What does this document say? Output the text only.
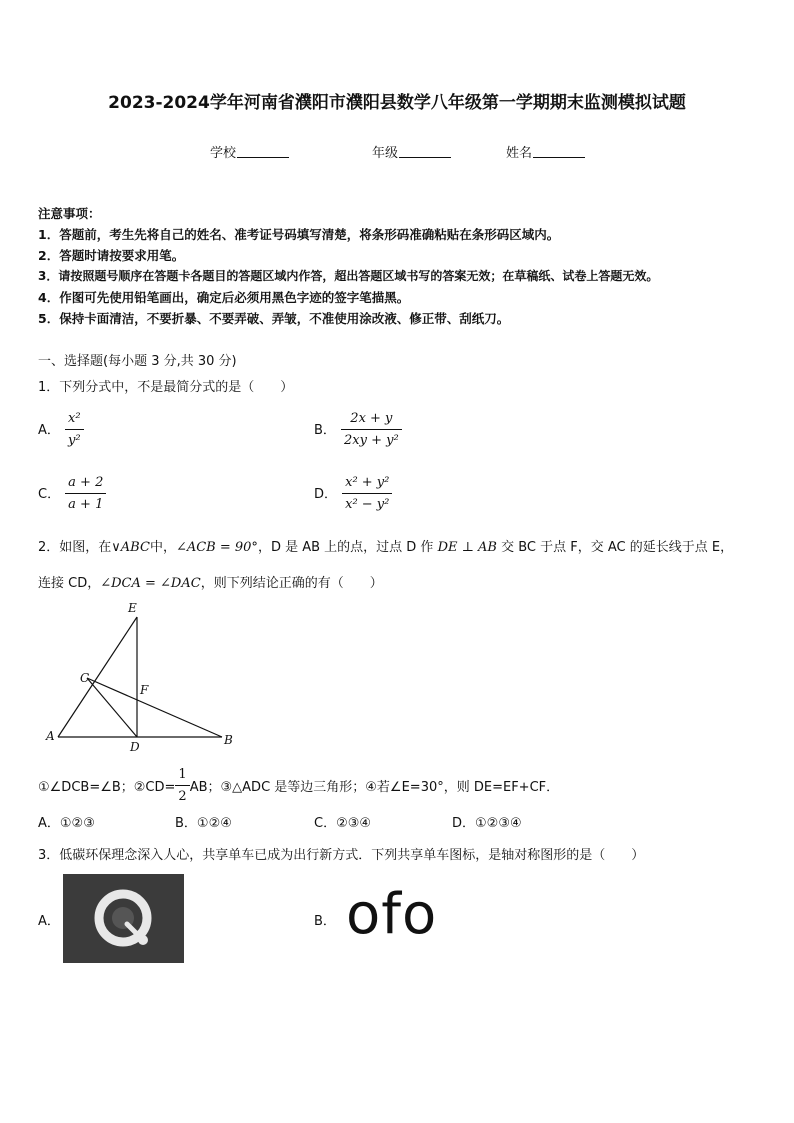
2023-2024学年河南省濮阳市濮阳县数学八年级第一学期期末监测模拟试题
学校	年级	姓名
注意事项：
1．答题前，考生先将自己的姓名、准考证号码填写清楚，将条形码准确粘贴在条形码区域内。
2．答题时请按要求用笔。
3．请按照题号顺序在答题卡各题目的答题区域内作答，超出答题区域书写的答案无效；在草稿纸、试卷上答题无效。
4．作图可先使用铅笔画出，确定后必须用黑色字迹的签字笔描黑。
5．保持卡面清洁，不要折暴、不要弄破、弄皱，不准使用涂改液、修正带、刮纸刀。
一、选择题(每小题 3 分,共 30 分)
1．下列分式中，不是最简分式的是（　　）
A． $\frac{\text{x²}}{\text{y²}}$	B． $\frac{2x + y}{\text{2xy + y²}}$
C． $\frac{a + 2}{a + 1}$	D． $\frac{\text{x² + y²}}{\text{x² − y²}}$
2．如图，在∨ABC中，∠ACB = 90°，D 是 AB 上的点，过点 D 作 DE ⊥ AB 交 BC 于点 F，交 AC 的延长线于点 E，
连接 CD，∠DCA = ∠DAC，则下列结论正确的有（　　）
E
C
F
A
D	B
①∠DCB=∠B；②CD= $\frac{1}{2}$ AB；③△ADC 是等边三角形；④若∠E=30°，则 DE=EF+CF．
A．①②③	B．①②④	C．②③④	D．①②③④
3．低碳环保理念深入人心，共享单车已成为出行新方式．下列共享单车图标，是轴对称图形的是（　　）
A．	B． ofo
